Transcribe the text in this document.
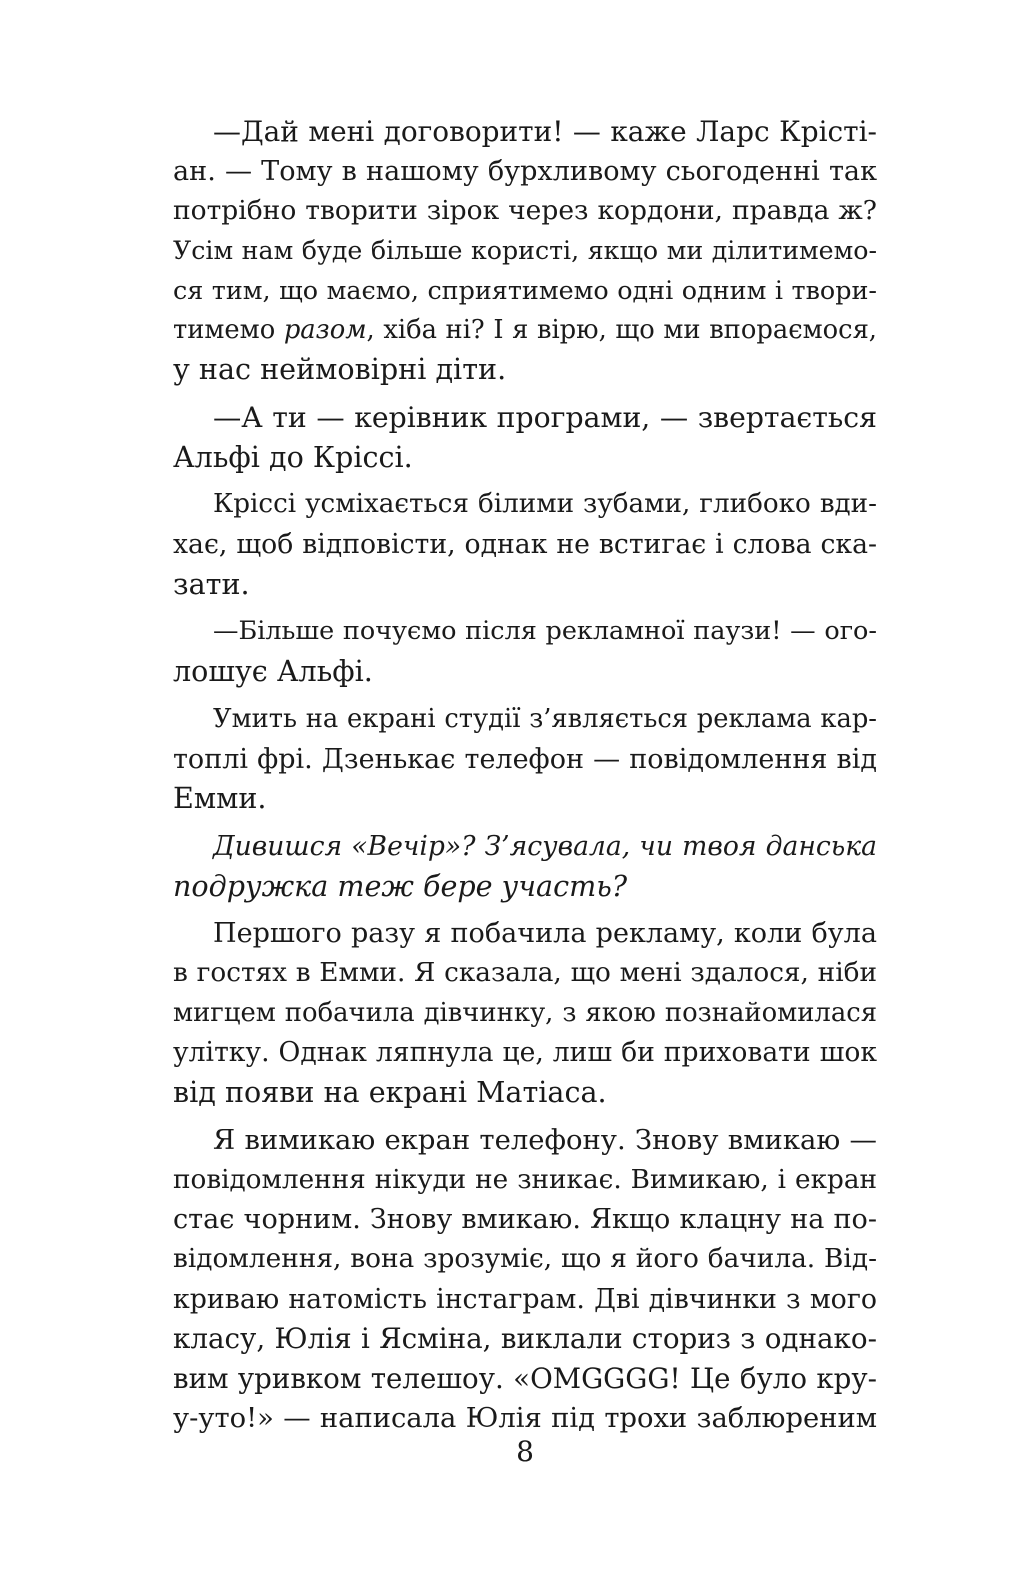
—Дай мені договорити! — каже Ларс Крісті-
ан. — Тому в нашому бурхливому сьогоденні так
потрібно творити зірок через кордони, правда ж?
Усім нам буде більше користі, якщо ми ділитимемо-
ся тим, що маємо, сприятимемо одні одним і твори-
тимемо разом, хіба ні? І я вірю, що ми впораємося,
у нас неймовірні діти.
—А ти — керівник програми, — звертається
Альфі до Кріссі.
Кріссі усміхається білими зубами, глибоко вди-
хає, щоб відповісти, однак не встигає і слова ска-
зати.
—Більше почуємо після рекламної паузи! — ого-
лошує Альфі.
Умить на екрані студії з’являється реклама кар-
топлі фрі. Дзенькає телефон — повідомлення від
Емми.
Дивишся «Вечір»? З’ясувала, чи твоя данська
подружка теж бере участь?
Першого разу я побачила рекламу, коли була
в гостях в Емми. Я сказала, що мені здалося, ніби
мигцем побачила дівчинку, з якою познайомилася
улітку. Однак ляпнула це, лиш би приховати шок
від появи на екрані Матіаса.
Я вимикаю екран телефону. Знову вмикаю —
повідомлення нікуди не зникає. Вимикаю, і екран
стає чорним. Знову вмикаю. Якщо клацну на по-
відомлення, вона зрозуміє, що я його бачила. Від-
криваю натомість інстаграм. Дві дівчинки з мого
класу, Юлія і Ясміна, виклали сториз з однако-
вим уривком телешоу. «OMGGGG! Це було кру-
у-уто!» — написала Юлія під трохи заблюреним
8
